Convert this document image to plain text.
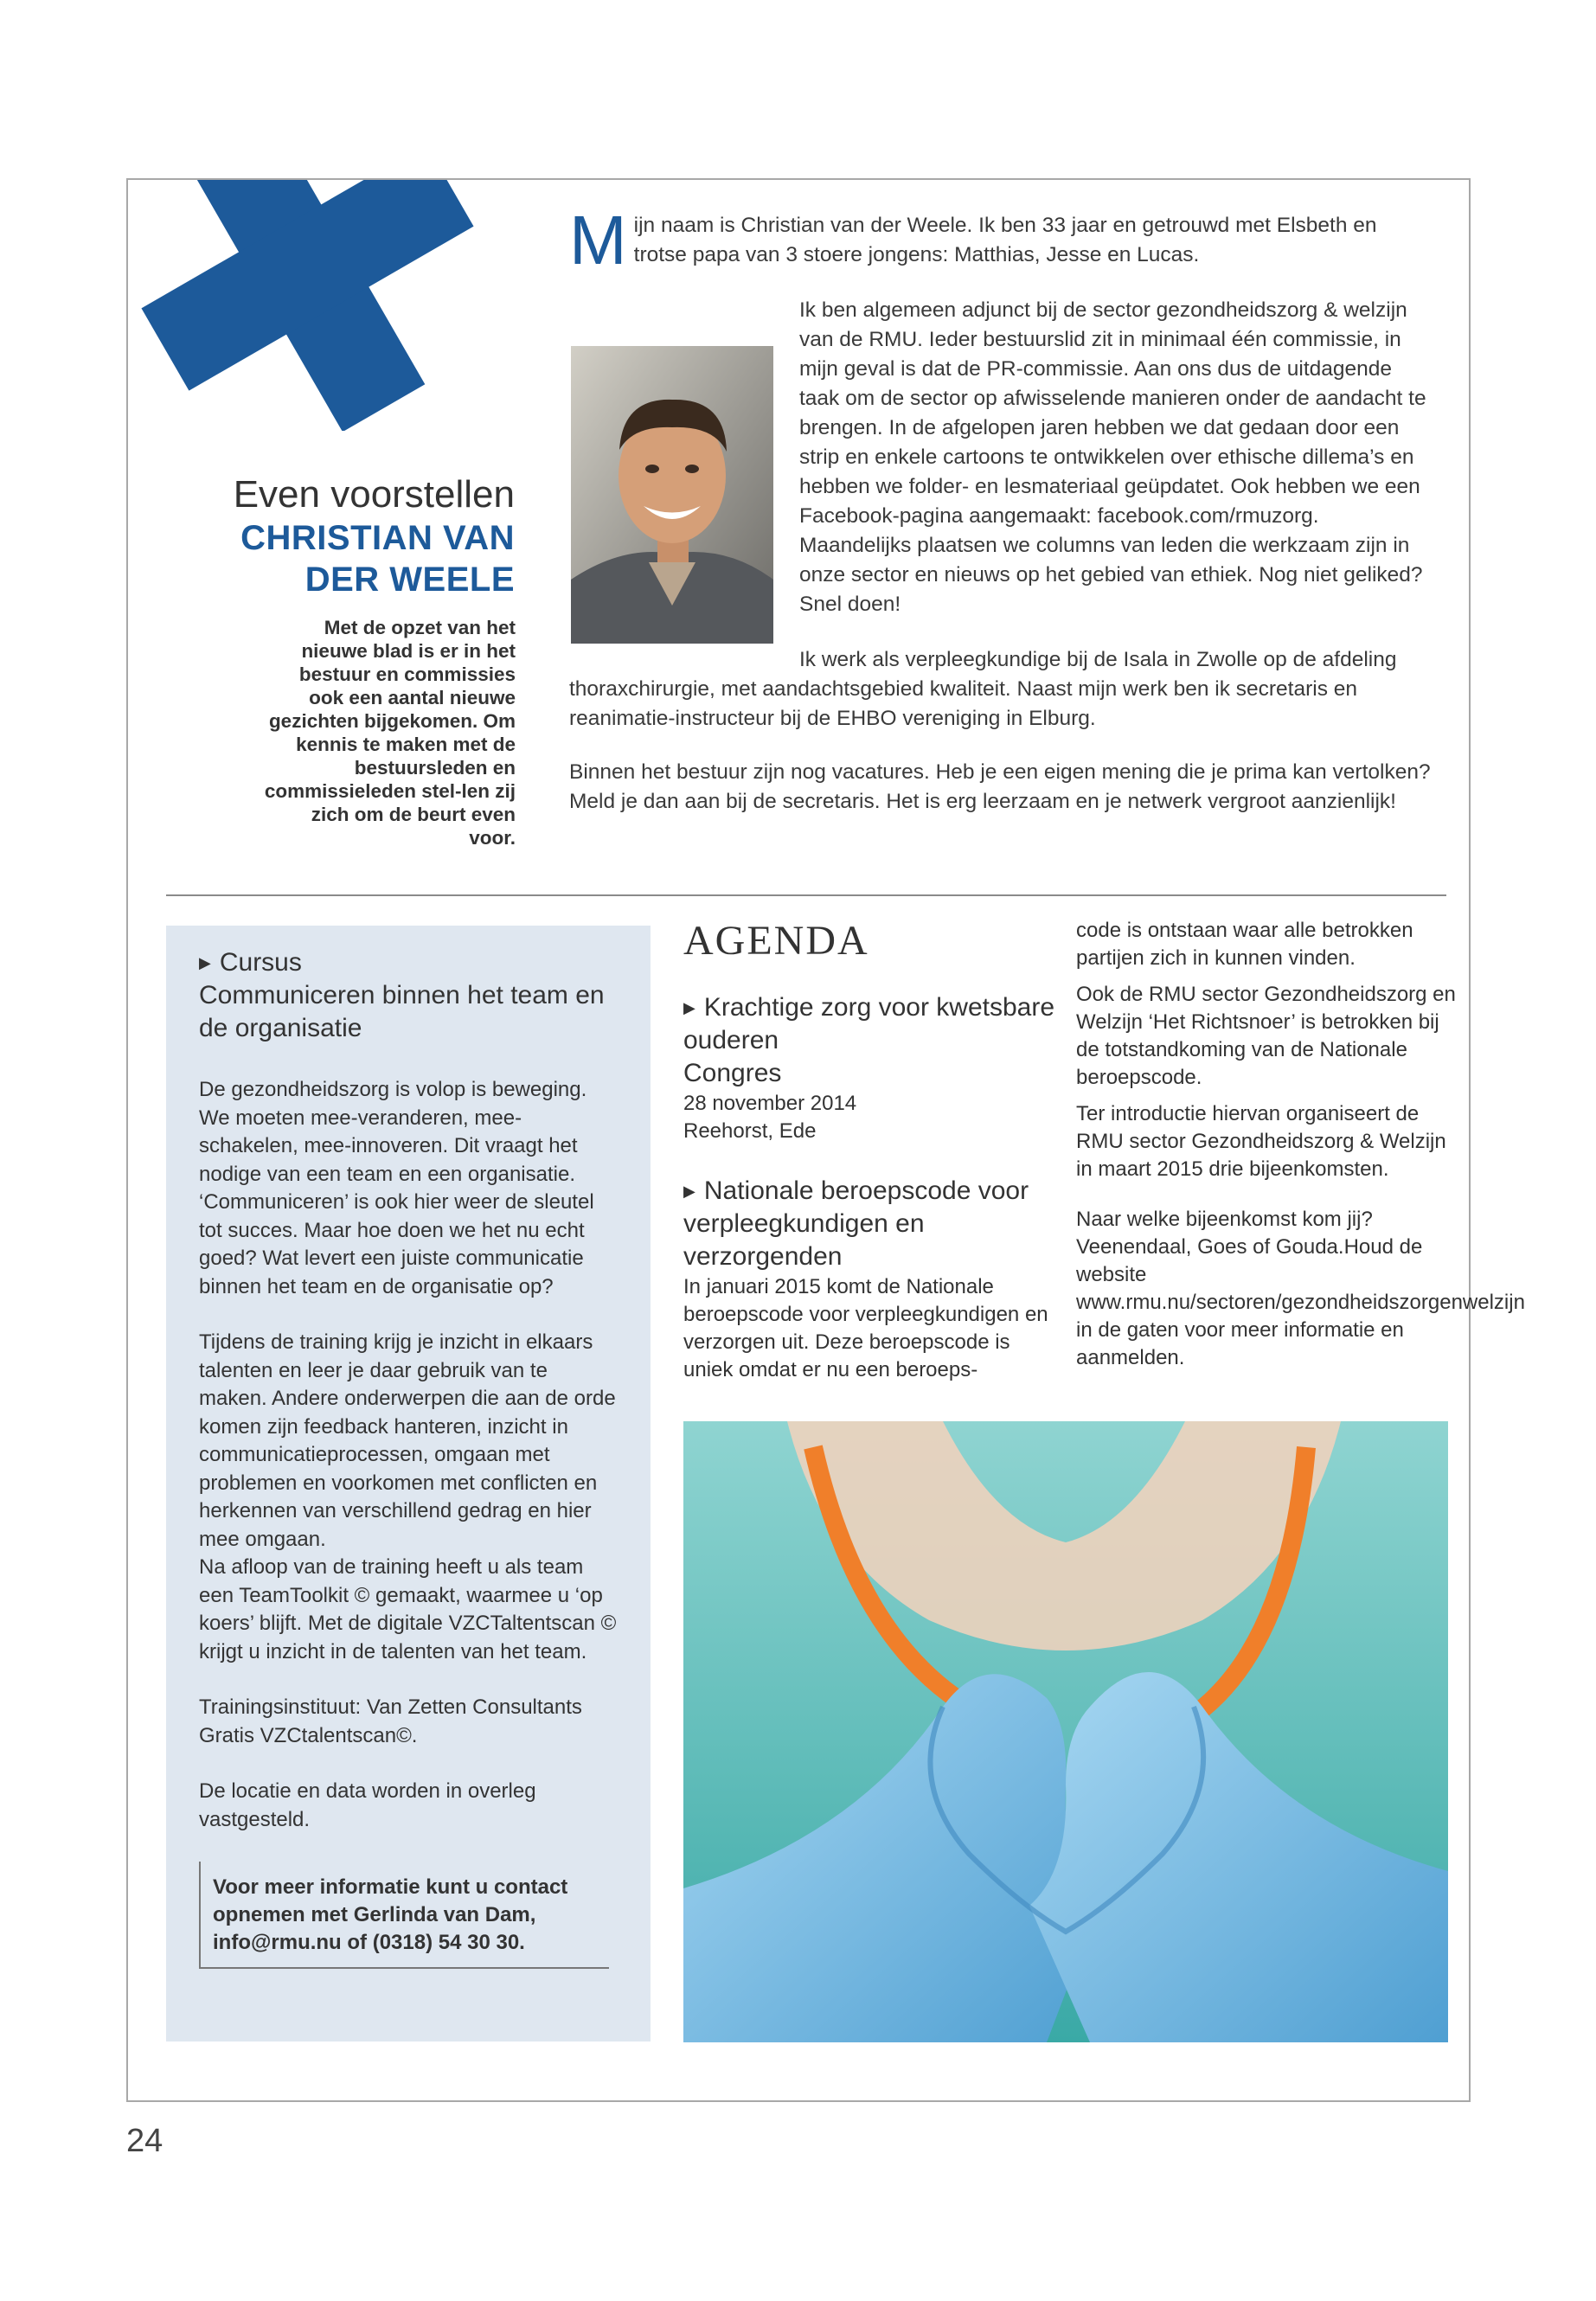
Even voorstellen
CHRISTIAN VAN
DER WEELE
Met de opzet van het nieuwe blad is er in het bestuur en commissies ook een aantal nieuwe gezichten bijgekomen. Om kennis te maken met de bestuursleden en commissieleden stel-len zij zich om de beurt even voor.

Mijn naam is Christian van der Weele. Ik ben 33 jaar en getrouwd met Elsbeth en trotse papa van 3 stoere jongens: Matthias, Jesse en Lucas.

Ik ben algemeen adjunct bij de sector gezondheidszorg & welzijn van de RMU. Ieder bestuurslid zit in minimaal één commissie, in mijn geval is dat de PR-commissie. Aan ons dus de uitdagende taak om de sector op afwisselende manieren onder de aandacht te brengen. In de afgelopen jaren hebben we dat gedaan door een strip en enkele cartoons te ontwikkelen over ethische dillema’s en hebben we folder- en lesmateriaal geüpdatet. Ook hebben we een Facebook-pagina aangemaakt: facebook.com/rmuzorg. Maandelijks plaatsen we columns van leden die werkzaam zijn in onze sector en nieuws op het gebied van ethiek. Nog niet geliked? Snel doen!

Ik werk als verpleegkundige bij de Isala in Zwolle op de afdeling thoraxchirurgie, met aandachtsgebied kwaliteit. Naast mijn werk ben ik secretaris en reanimatie-instructeur bij de EHBO vereniging in Elburg.

Binnen het bestuur zijn nog vacatures. Heb je een eigen mening die je prima kan vertolken? Meld je dan aan bij de secretaris. Het is erg leerzaam en je netwerk vergroot aanzienlijk!

▶ Cursus
Communiceren binnen het team en de organisatie

De gezondheidszorg is volop is beweging. We moeten mee-veranderen, mee-schakelen, mee-innoveren. Dit vraagt het nodige van een team en een organisatie. ‘Communiceren’ is ook hier weer de sleutel tot succes. Maar hoe doen we het nu echt goed? Wat levert een juiste communicatie binnen het team en de organisatie op?

Tijdens de training krijg je inzicht in elkaars talenten en leer je daar gebruik van te maken. Andere onderwerpen die aan de orde komen zijn feedback hanteren, inzicht in communicatieprocessen, omgaan met problemen en voorkomen met conflicten en herkennen van verschillend gedrag en hier mee omgaan.
Na afloop van de training heeft u als team een TeamToolkit © gemaakt, waarmee u ‘op koers’ blijft. Met de digitale VZCTaltentscan © krijgt u inzicht in de talenten van het team.

Trainingsinstituut: Van Zetten Consultants
Gratis VZCtalentscan©.

De locatie en data worden in overleg vastgesteld.

Voor meer informatie kunt u contact opnemen met Gerlinda van Dam, info@rmu.nu of (0318) 54 30 30.
AGENDA

▶ Krachtige zorg voor kwetsbare ouderen

Congres

28 november 2014

Reehorst, Ede

▶ Nationale beroepscode voor verpleegkundigen en verzorgenden

In januari 2015 komt de Nationale beroepscode voor verpleegkundigen en verzorgen uit. Deze beroepscode is uniek omdat er nu een beroeps-

code is ontstaan waar alle betrokken partijen zich in kunnen vinden.

Ook de RMU sector Gezondheidszorg en Welzijn ‘Het Richtsnoer’ is betrokken bij de totstandkoming van de Nationale beroepscode.

Ter introductie hiervan organiseert de RMU sector Gezondheidszorg & Welzijn in maart 2015 drie bijeenkomsten.

Naar welke bijeenkomst kom jij? Veenendaal, Goes of Gouda.Houd de website www.rmu.nu/sectoren/gezondheidszorgenwelzijn in de gaten voor meer informatie en aanmelden.

24
